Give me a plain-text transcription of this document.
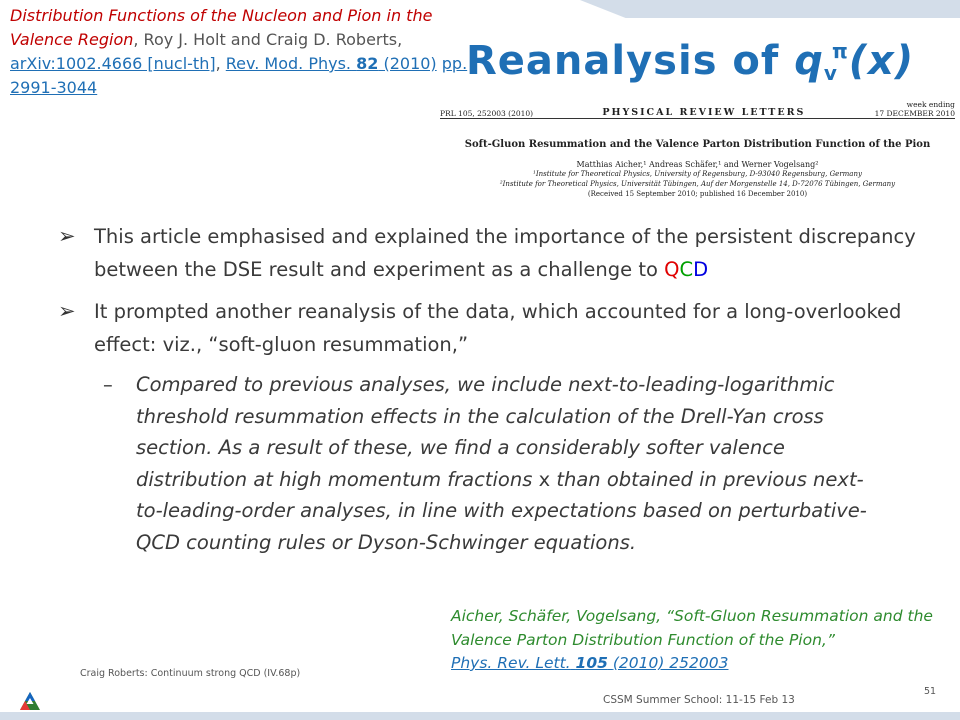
Distribution Functions of the Nucleon and Pion in the Valence Region, Roy J. Holt and Craig D. Roberts, arXiv:1002.4666 [nucl-th], Rev. Mod. Phys. 82 (2010) pp. 2991-3044
Reanalysis of $q_v^\pi(x)$
PRL 105, 252003 (2010)	PHYSICAL REVIEW LETTERS
week ending
17 DECEMBER 2010
Soft-Gluon Resummation and the Valence Parton Distribution Function of the Pion
Matthias Aicher,¹ Andreas Schäfer,¹ and Werner Vogelsang²
¹Institute for Theoretical Physics, University of Regensburg, D-93040 Regensburg, Germany
²Institute for Theoretical Physics, Universität Tübingen, Auf der Morgenstelle 14, D-72076 Tübingen, Germany
(Received 15 September 2010; published 16 December 2010)
➢ This article emphasised and explained the importance of the persistent discrepancy between the DSE result and experiment as a challenge to QCD
➢ It prompted another reanalysis of the data, which accounted for a long-overlooked effect: viz., “soft-gluon resummation,”
– Compared to previous analyses, we include next-to-leading-logarithmic threshold resummation effects in the calculation of the Drell-Yan cross section. As a result of these, we find a considerably softer valence distribution at high momentum fractions x than obtained in previous next-to-leading-order analyses, in line with expectations based on perturbative-QCD counting rules or Dyson-Schwinger equations.
Aicher, Schäfer, Vogelsang, “Soft-Gluon Resummation and the Valence Parton Distribution Function of the Pion,”
Phys. Rev. Lett. 105 (2010) 252003
Craig Roberts: Continuum strong QCD (IV.68p)
CSSM Summer School: 11-15 Feb 13
51
